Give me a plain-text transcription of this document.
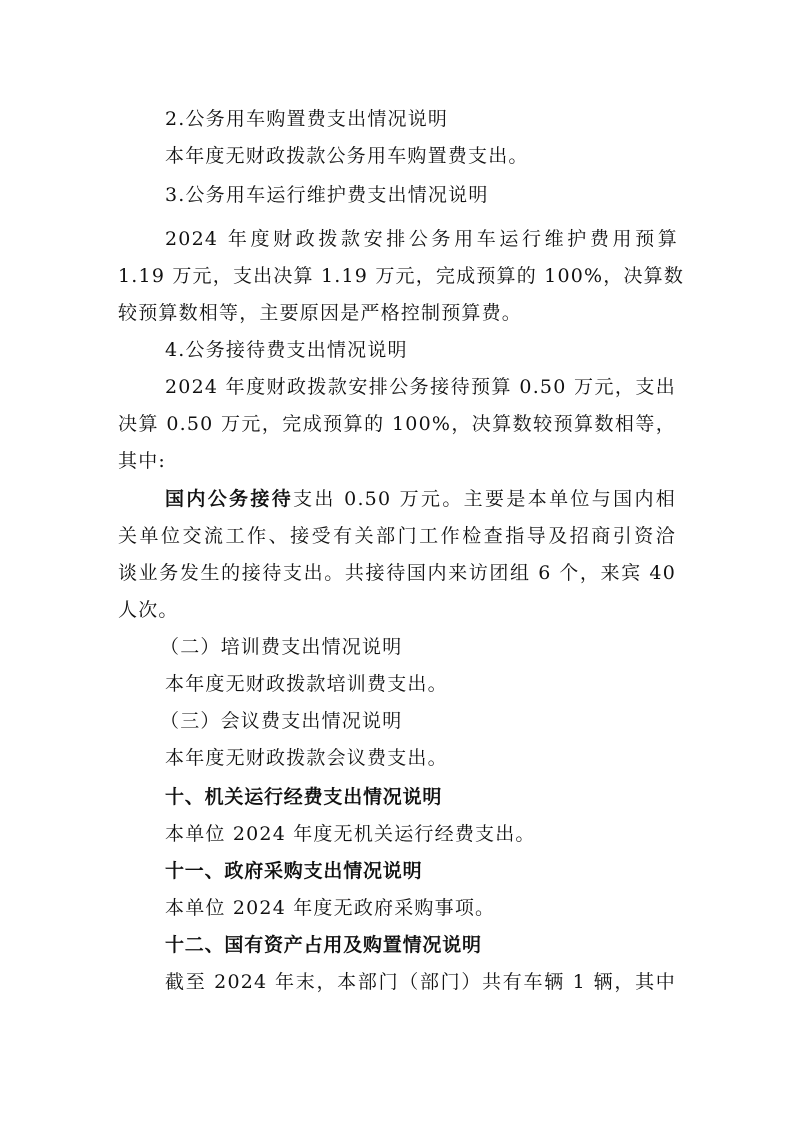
2.公务用车购置费支出情况说明
本年度无财政拨款公务用车购置费支出。
3.公务用车运行维护费支出情况说明
2024 年度财政拨款安排公务用车运行维护费用预算
1.19 万元，支出决算 1.19 万元，完成预算的 100%，决算数
较预算数相等，主要原因是严格控制预算费。
4.公务接待费支出情况说明
2024 年度财政拨款安排公务接待预算 0.50 万元，支出
决算 0.50 万元，完成预算的 100%，决算数较预算数相等，
其中:
国内公务接待支出 0.50 万元。主要是本单位与国内相
关单位交流工作、接受有关部门工作检查指导及招商引资洽
谈业务发生的接待支出。共接待国内来访团组 6 个，来宾 40
人次。
（二）培训费支出情况说明
本年度无财政拨款培训费支出。
（三）会议费支出情况说明
本年度无财政拨款会议费支出。
十、机关运行经费支出情况说明
本单位 2024 年度无机关运行经费支出。
十一、政府采购支出情况说明
本单位 2024 年度无政府采购事项。
十二、国有资产占用及购置情况说明
截至 2024 年末，本部门（部门）共有车辆 1 辆，其中
